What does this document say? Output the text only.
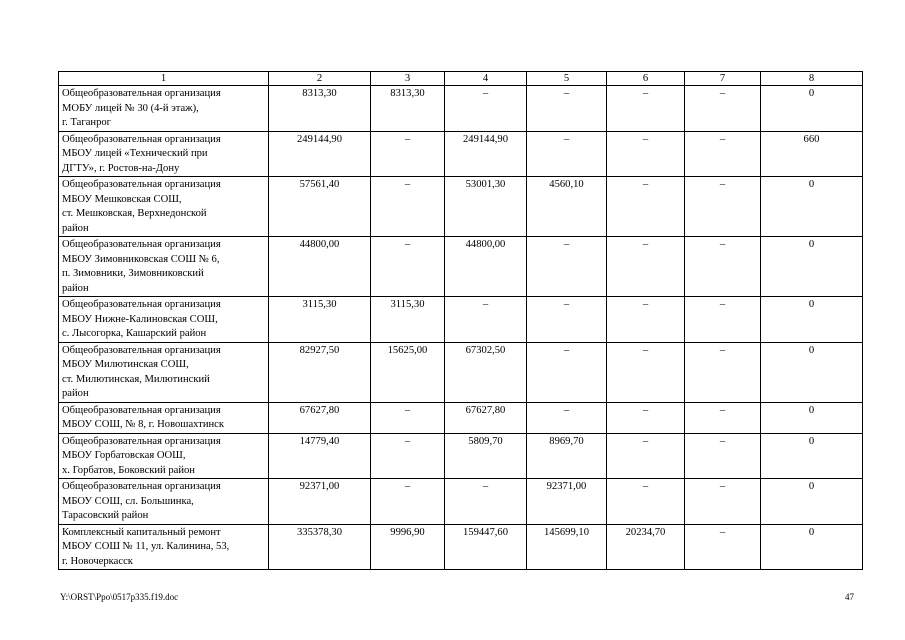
1	2	3	4	5	6	7	8
Общеобразовательная организация
МОБУ лицей № 30 (4-й этаж),
г. Таганрог	8313,30	8313,30	–	–	–	–	0
Общеобразовательная организация
МБОУ лицей «Технический при
ДГТУ», г. Ростов-на-Дону	249144,90	–	249144,90	–	–	–	660
Общеобразовательная организация
МБОУ Мешковская СОШ,
ст. Мешковская, Верхнедонской
район	57561,40	–	53001,30	4560,10	–	–	0
Общеобразовательная организация
МБОУ Зимовниковская СОШ № 6,
п. Зимовники, Зимовниковский
район	44800,00	–	44800,00	–	–	–	0
Общеобразовательная организация
МБОУ Нижне-Калиновская СОШ,
с. Лысогорка, Кашарский район	3115,30	3115,30	–	–	–	–	0
Общеобразовательная организация
МБОУ Милютинская СОШ,
ст. Милютинская, Милютинский
район	82927,50	15625,00	67302,50	–	–	–	0
Общеобразовательная организация
МБОУ СОШ, № 8, г. Новошахтинск	67627,80	–	67627,80	–	–	–	0
Общеобразовательная организация
МБОУ Горбатовская ООШ,
х. Горбатов, Боковский район	14779,40	–	5809,70	8969,70	–	–	0
Общеобразовательная организация
МБОУ СОШ, сл. Большинка,
Тарасовский район	92371,00	–	–	92371,00	–	–	0
Комплексный капитальный ремонт
МБОУ СОШ № 11, ул. Калинина, 53,
г. Новочеркасск	335378,30	9996,90	159447,60	145699,10	20234,70	–	0
Y:\ORST\Ppo\0517p335.f19.doc	47
